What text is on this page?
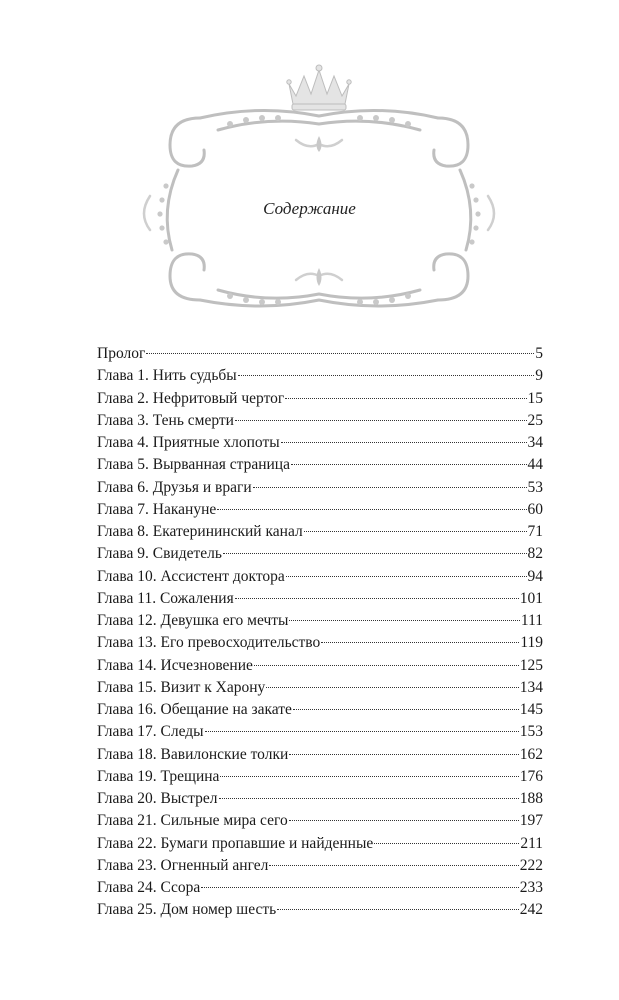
Содержание
Пролог	5
Глава 1. Нить судьбы	9
Глава 2. Нефритовый чертог	15
Глава 3. Тень смерти	25
Глава 4. Приятные хлопоты	34
Глава 5. Вырванная страница	44
Глава 6. Друзья и враги	53
Глава 7. Накануне	60
Глава 8. Екатерининский канал	71
Глава 9. Свидетель	82
Глава 10. Ассистент доктора	94
Глава 11. Сожаления	101
Глава 12. Девушка его мечты	111
Глава 13. Его превосходительство	119
Глава 14. Исчезновение	125
Глава 15. Визит к Харону	134
Глава 16. Обещание на закате	145
Глава 17. Следы	153
Глава 18. Вавилонские толки	162
Глава 19. Трещина	176
Глава 20. Выстрел	188
Глава 21. Сильные мира сего	197
Глава 22. Бумаги пропавшие и найденные	211
Глава 23. Огненный ангел	222
Глава 24. Ссора	233
Глава 25. Дом номер шесть	242
